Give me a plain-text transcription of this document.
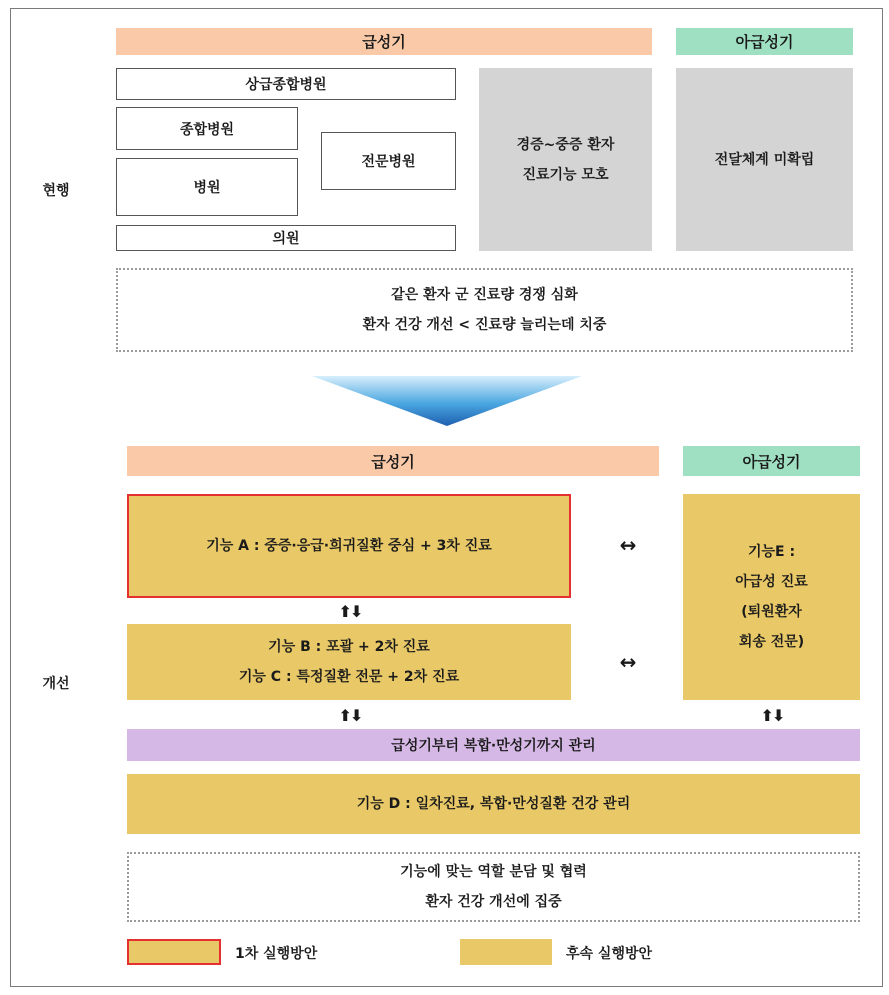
급성기	아급성기
상급종합병원
종합병원
병원
의원
전문병원
경증~중증 환자
진료기능 모호
전달체계 미확립
현행
같은 환자 군 진료량 경쟁 심화
환자 건강 개선 < 진료량 늘리는데 치중
급성기	아급성기
기능 A : 중증·응급·희귀질환 중심 + 3차 진료
⬆⬇
기능 B : 포괄 + 2차 진료
기능 C : 특정질환 전문 + 2차 진료
↔
↔
기능E :
아급성 진료
(퇴원환자
회송 전문)
개선
⬆⬇	⬆⬇
급성기부터 복합·만성기까지 관리
기능 D : 일차진료, 복합·만성질환 건강 관리
기능에 맞는 역할 분담 및 협력
환자 건강 개선에 집중
1차 실행방안	후속 실행방안
